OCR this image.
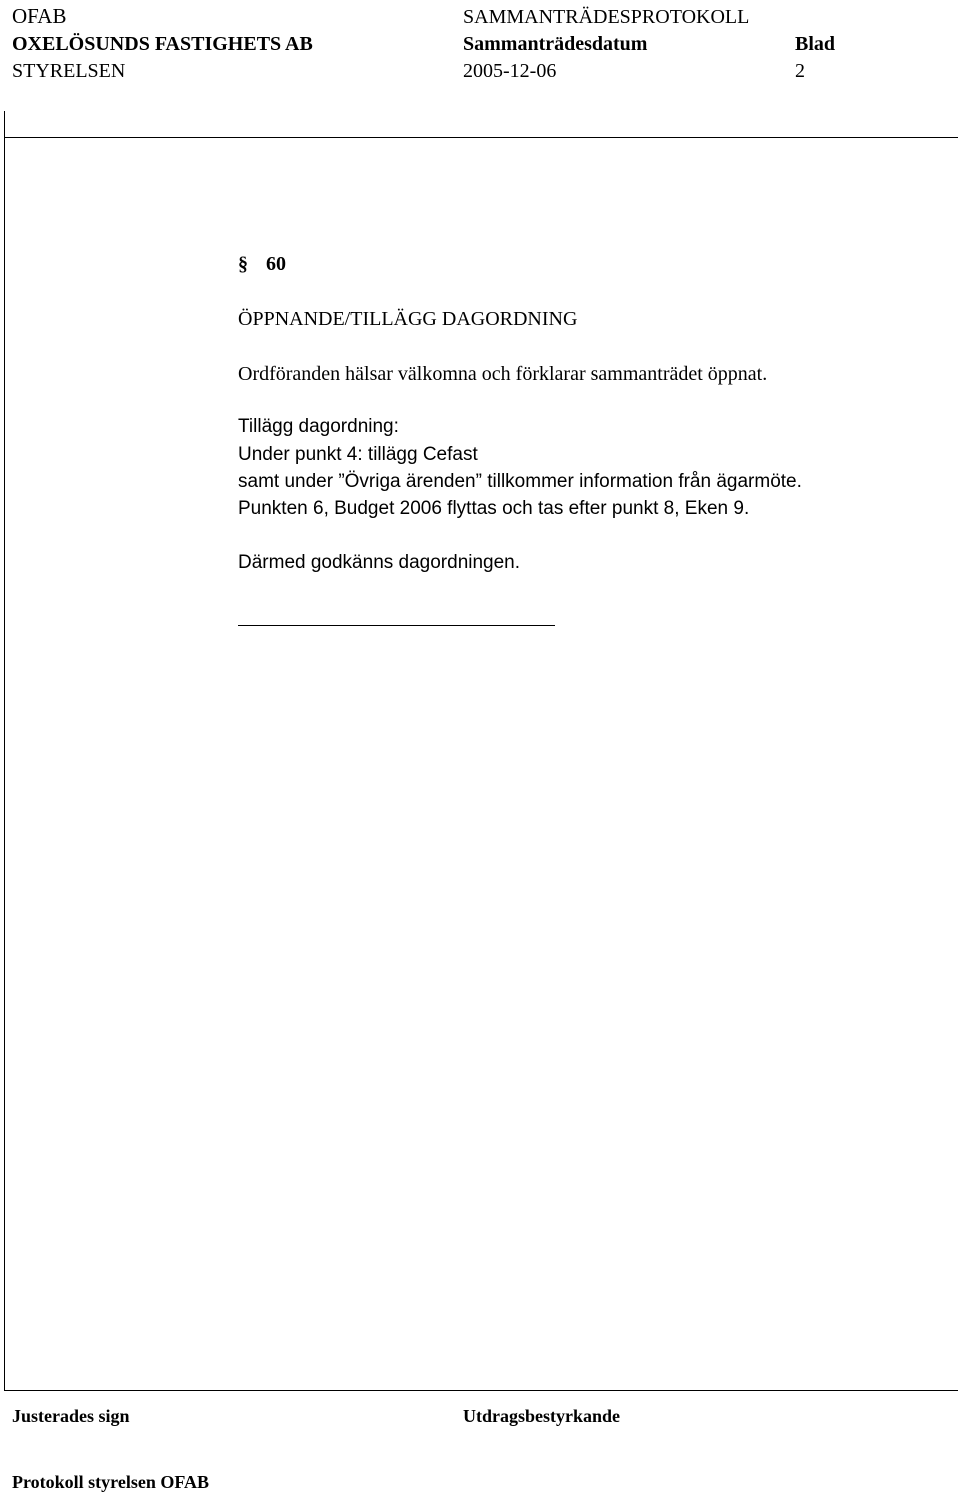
OFAB	SAMMANTRÄDESPROTOKOLL
OXELÖSUNDS FASTIGHETS AB	Sammanträdesdatum	Blad
STYRELSEN	2005-12-06	2
§ 60
ÖPPNANDE/TILLÄGG DAGORDNING
Ordföranden hälsar välkomna och förklarar sammanträdet öppnat.
Tillägg dagordning:
Under punkt 4: tillägg Cefast
samt under ”Övriga ärenden” tillkommer information från ägarmöte.
Punkten 6, Budget 2006 flyttas och tas efter punkt 8, Eken 9.
Därmed godkänns dagordningen.
Justerades sign	Utdragsbestyrkande
Protokoll styrelsen OFAB
